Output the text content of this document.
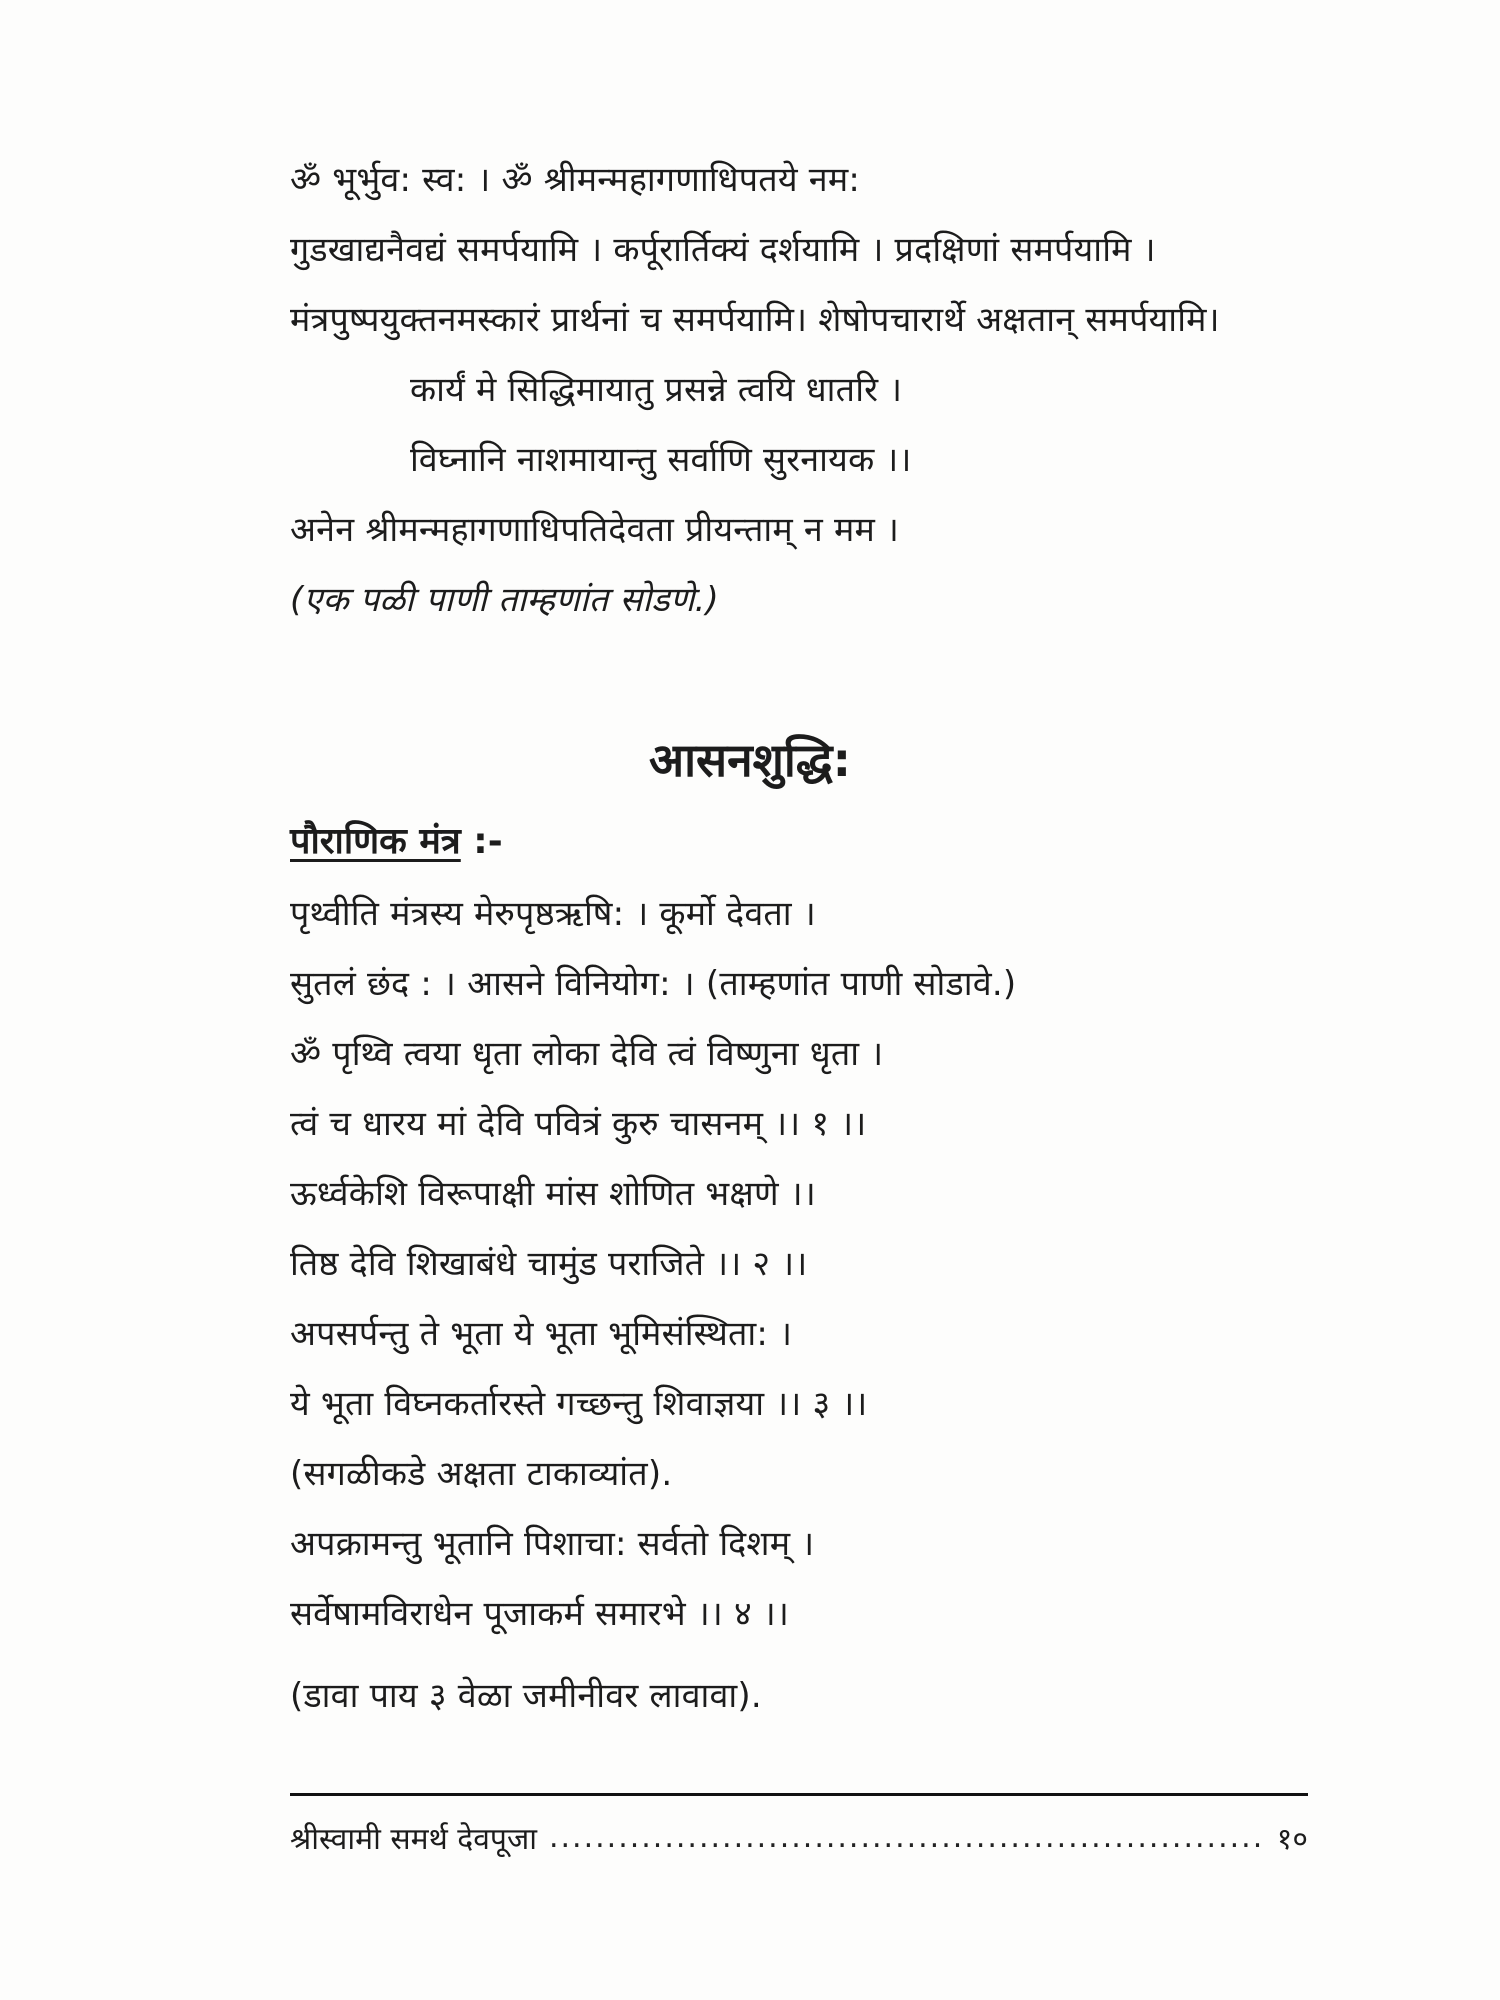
ॐ भूर्भुव: स्व: । ॐ श्रीमन्महागणाधिपतये नम:
गुडखाद्यनैवद्यं समर्पयामि । कर्पूरार्तिक्यं दर्शयामि । प्रदक्षिणां समर्पयामि ।
मंत्रपुष्पयुक्तनमस्कारं प्रार्थनां च समर्पयामि। शेषोपचारार्थे अक्षतान् समर्पयामि।
कार्यं मे सिद्धिमायातु प्रसन्ने त्वयि धातरि ।
विघ्नानि नाशमायान्तु सर्वाणि सुरनायक ।।
अनेन श्रीमन्महागणाधिपतिदेवता प्रीयन्ताम् न मम ।
(एक पळी पाणी ताम्हणांत सोडणे.)
आसनशुद्धि:
पौराणिक मंत्र :-
पृथ्वीति मंत्रस्य मेरुपृष्ठऋषि: । कूर्मो देवता ।
सुतलं छंद : । आसने विनियोग: । (ताम्हणांत पाणी सोडावे.)
ॐ पृथ्वि त्वया धृता लोका देवि त्वं विष्णुना धृता ।
त्वं च धारय मां देवि पवित्रं कुरु चासनम् ।। १ ।।
ऊर्ध्वकेशि विरूपाक्षी मांस शोणित भक्षणे ।।
तिष्ठ देवि शिखाबंधे चामुंड पराजिते ।। २ ।।
अपसर्पन्तु ते भूता ये भूता भूमिसंस्थिता: ।
ये भूता विघ्नकर्तारस्ते गच्छन्तु शिवाज्ञया ।। ३ ।।
(सगळीकडे अक्षता टाकाव्यांत).
अपक्रामन्तु भूतानि पिशाचा: सर्वतो दिशम् ।
सर्वेषामविराधेन पूजाकर्म समारभे ।। ४ ।।
(डावा पाय ३ वेळा जमीनीवर लावावा).
श्रीस्वामी समर्थ देवपूजा
.....	१०
